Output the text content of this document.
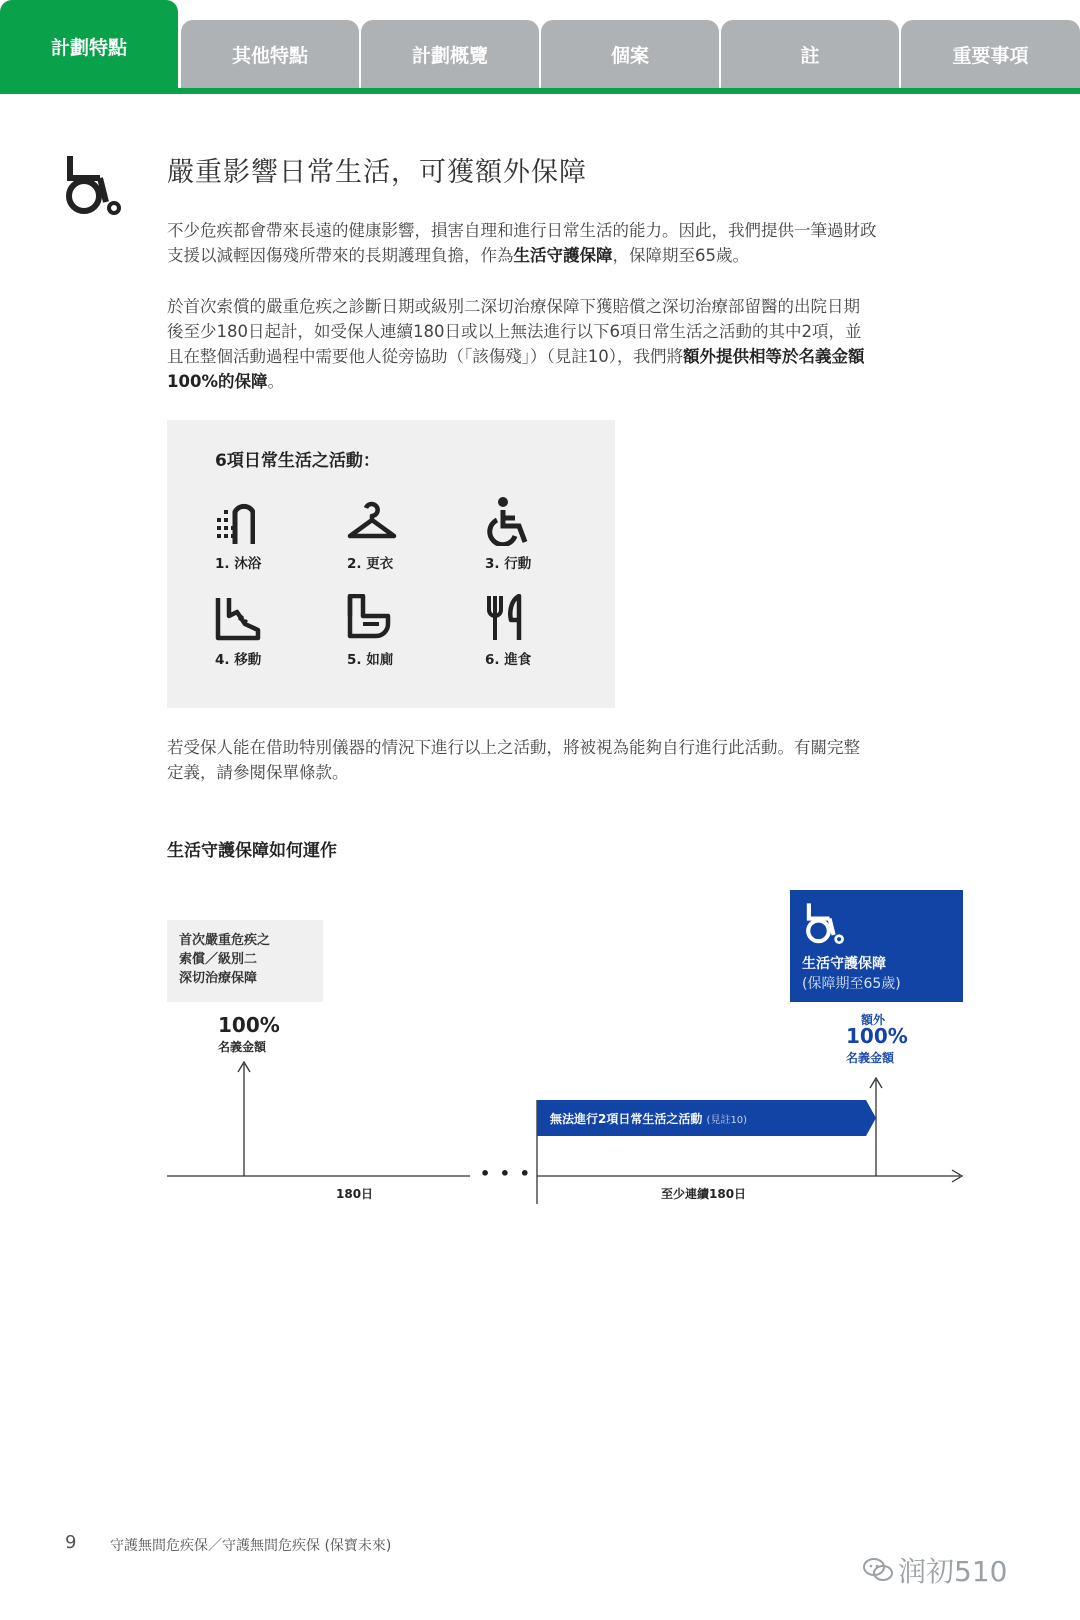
計劃特點	其他特點	計劃概覽	個案	註	重要事項
嚴重影響日常生活，可獲額外保障
不少危疾都會帶來長遠的健康影響，損害自理和進行日常生活的能力。因此，我們提供一筆過財政
支援以減輕因傷殘所帶來的長期護理負擔，作為生活守護保障，保障期至65歲。
於首次索償的嚴重危疾之診斷日期或級別二深切治療保障下獲賠償之深切治療部留醫的出院日期
後至少180日起計，如受保人連續180日或以上無法進行以下6項日常生活之活動的其中2項，並
且在整個活動過程中需要他人從旁協助（「該傷殘」）（見註10），我們將額外提供相等於名義金額
100%的保障。
6項日常生活之活動：
1. 沐浴	2. 更衣	3. 行動
4. 移動	5. 如廁	6. 進食
若受保人能在借助特別儀器的情況下進行以上之活動，將被視為能夠自行進行此活動。有關完整
定義，請參閱保單條款。
生活守護保障如何運作
首次嚴重危疾之
索償／級別二
深切治療保障
生活守護保障
(保障期至65歲)
100%
名義金額
額外
100%
名義金額
無法進行2項日常生活之活動 (見註10)
• • •
180日	至少連續180日
9 守護無間危疾保／守護無間危疾保 (保寶未來)
润初510
